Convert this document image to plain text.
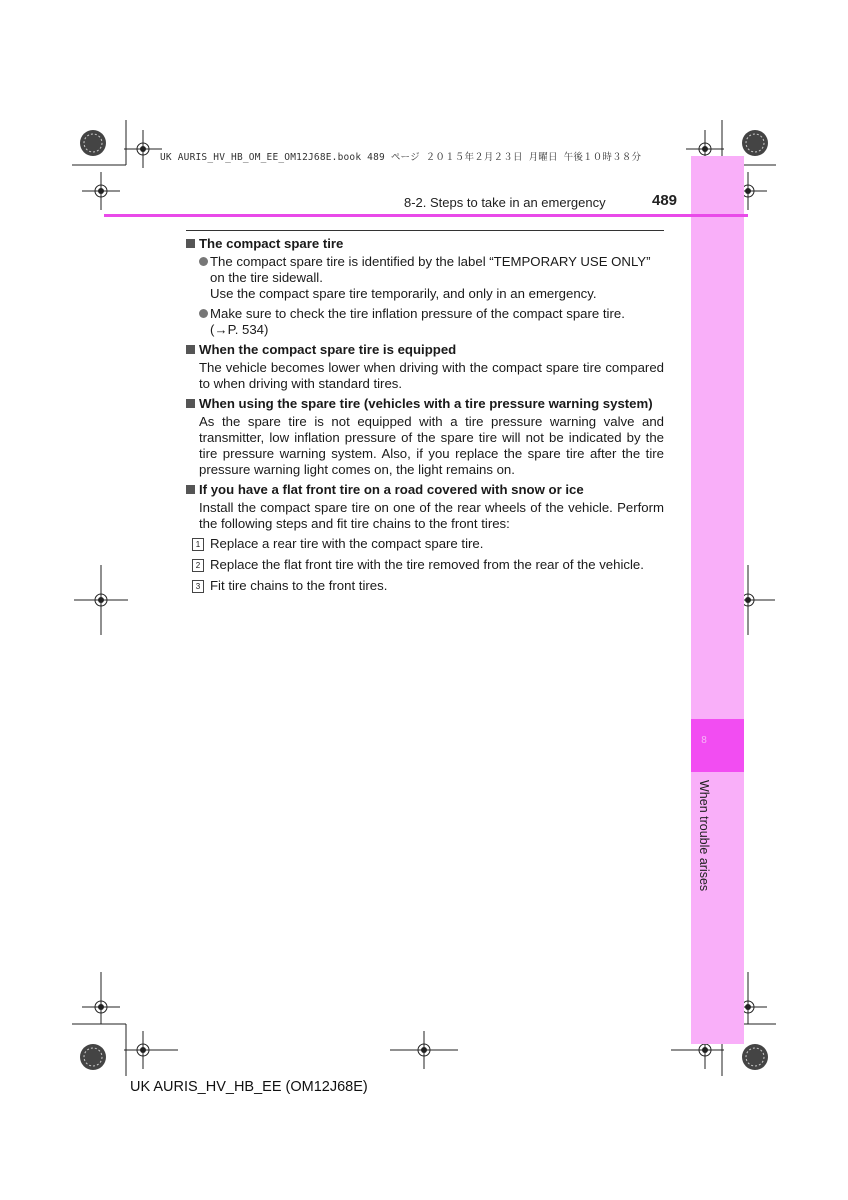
UK AURIS_HV_HB_OM_EE_OM12J68E.book 489 ページ ２０１５年２月２３日 月曜日 午後１０時３８分
8
When trouble arises
8-2. Steps to take in an emergency	489
The compact spare tire
The compact spare tire is identified by the label “TEMPORARY USE ONLY” on the tire sidewall.
Use the compact spare tire temporarily, and only in an emergency.
Make sure to check the tire inflation pressure of the compact spare tire.
(→P. 534)
When the compact spare tire is equipped
The vehicle becomes lower when driving with the compact spare tire compared to when driving with standard tires.
When using the spare tire (vehicles with a tire pressure warning system)
As the spare tire is not equipped with a tire pressure warning valve and transmitter, low inflation pressure of the spare tire will not be indicated by the tire pressure warning system. Also, if you replace the spare tire after the tire pressure warning light comes on, the light remains on.
If you have a flat front tire on a road covered with snow or ice
Install the compact spare tire on one of the rear wheels of the vehicle. Perform the following steps and fit tire chains to the front tires:
1 Replace a rear tire with the compact spare tire.
2 Replace the flat front tire with the tire removed from the rear of the vehicle.
3 Fit tire chains to the front tires.
UK AURIS_HV_HB_EE (OM12J68E)
